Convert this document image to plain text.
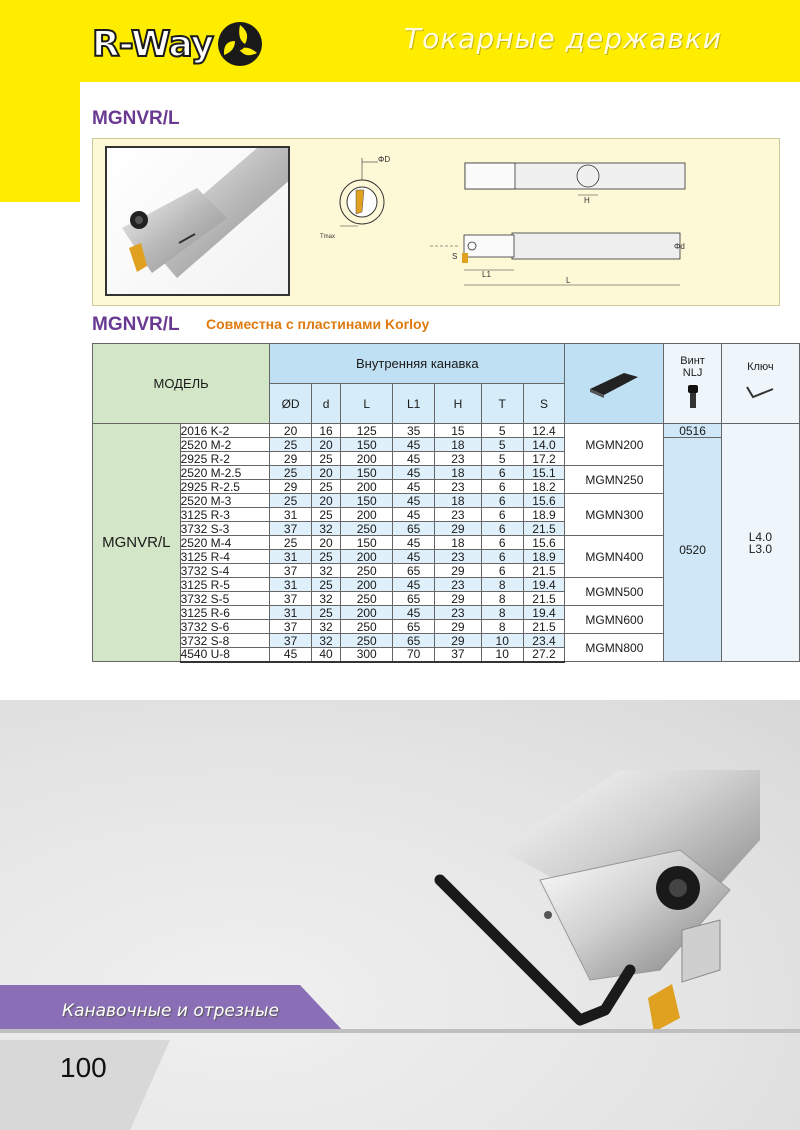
R-Way	Токарные державки
MGNVR/L
ΦD
Tmax
H
S
L1
L
Φd
MGNVR/L Совместна с пластинами Korloy
МОДЕЛЬ		Внутренняя канавка								Винт NLJ	Ключ

		ØD	d	L	L1	H	T	S			
MGNVR/L	2016 K-2	20	16	125	35	15	5	12.4	MGMN200	0516	L4.0
L3.0

	2520 M-2	25	20	150	45	18	5	14.0		0520	
	2925 R-2	29	25	200	45	23	5	17.2			
	2520 M-2.5	25	20	150	45	18	6	15.1	MGMN250		
	2925 R-2.5	29	25	200	45	23	6	18.2			
	2520 M-3	25	20	150	45	18	6	15.6	MGMN300		
	3125 R-3	31	25	200	45	23	6	18.9			
	3732 S-3	37	32	250	65	29	6	21.5			
	2520 M-4	25	20	150	45	18	6	15.6	MGMN400		
	3125 R-4	31	25	200	45	23	6	18.9			
	3732 S-4	37	32	250	65	29	6	21.5			
	3125 R-5	31	25	200	45	23	8	19.4	MGMN500		
	3732 S-5	37	32	250	65	29	8	21.5			
	3125 R-6	31	25	200	45	23	8	19.4	MGMN600		
	3732 S-6	37	32	250	65	29	8	21.5			
	3732 S-8	37	32	250	65	29	10	23.4	MGMN800		
	4540 U-8	45	40	300	70	37	10	27.2			
Канавочные и отрезные
100
